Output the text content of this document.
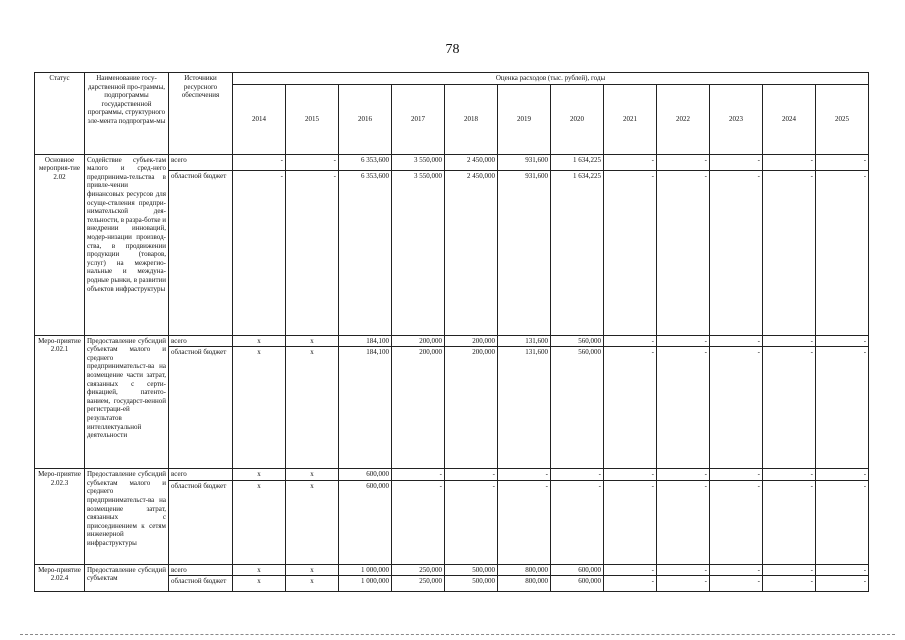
78
Статус	Наименование госу-дарственной про-граммы, подпрограммы государственной программы, структурного эле-мента подпрограм-мы	Источники ресурсного обеспечения	Оценка расходов (тыс. рублей), годы											
			2014	2015	2016	2017	2018	2019	2020	2021	2022	2023	2024	2025
Основное мероприя-тие 2.02	Содействие субъек-там малого и сред-него предпринима-тельства в привле-чении финансовых ресурсов для осуще-ствления предпри-нимательской дея-тельности, в разра-ботке и внедрении инноваций, модер-низации производ-ства, в продвижении продукции (товаров, услуг) на межрегио-нальные и междуна-родные рынки, в развитии объектов инфраструктуры	всего	-	-	6 353,600	3 550,000	2 450,000	931,600	1 634,225	-	-	-	-	-
		областной бюджет	-	-	6 353,600	3 550,000	2 450,000	931,600	1 634,225	-	-	-	-	-
Меро-приятие 2.02.1	Предоставление субсидий субъектам малого и среднего предпринимательст-ва на возмещение части затрат, связанных с серти-фикацией, патенто-ванием, государст-венной регистраци-ей результатов интеллектуальной деятельности	всего	x	x	184,100	200,000	200,000	131,600	560,000	-	-	-	-	-
		областной бюджет	x	x	184,100	200,000	200,000	131,600	560,000	-	-	-	-	-
Меро-приятие 2.02.3	Предоставление субсидий субъектам малого и среднего предпринимательст-ва на возмещение затрат, связанных с присоединением к сетям инженерной инфраструктуры	всего	x	x	600,000	-	-	-	-	-	-	-	-	-
		областной бюджет	x	x	600,000	-	-	-	-	-	-	-	-	-
Меро-приятие 2.02.4	Предоставление субсидий субъектам	всего	x	x	1 000,000	250,000	500,000	800,000	600,000	-	-	-	-	-
		областной бюджет	x	x	1 000,000	250,000	500,000	800,000	600,000	-	-	-	-	-
